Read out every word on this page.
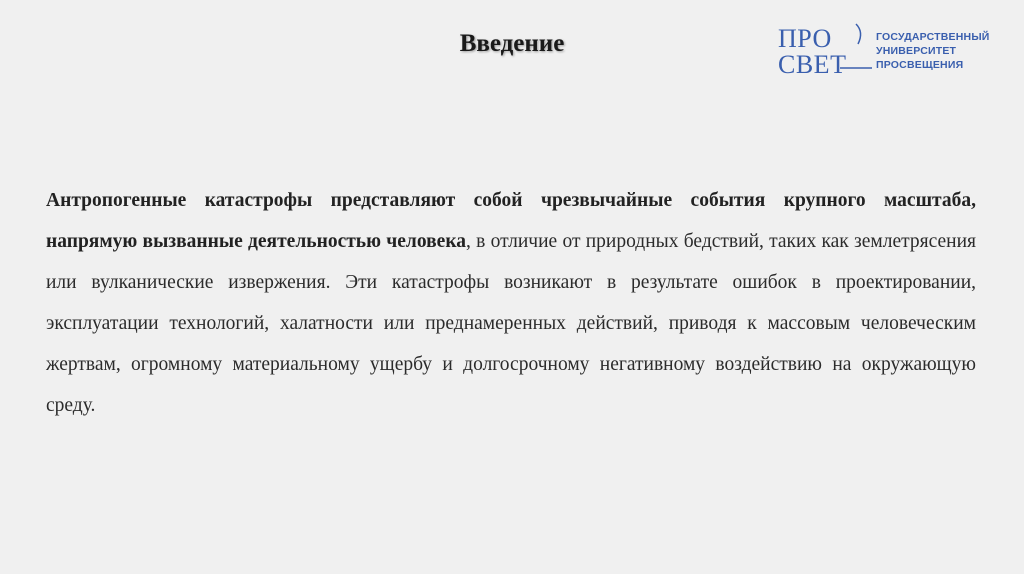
Введение	ПРО
СВЕТ
ГОСУДАРСТВЕННЫЙ
УНИВЕРСИТЕТ
ПРОСВЕЩЕНИЯ

Антропогенные катастрофы представляют собой чрезвычайные события крупного масштаба, напрямую вызванные деятельностью человека, в отличие от природных бедствий, таких как землетрясения или вулканические извержения. Эти катастрофы возникают в результате ошибок в проектировании, эксплуатации технологий, халатности или преднамеренных действий, приводя к массовым человеческим жертвам, огромному материальному ущербу и долгосрочному негативному воздействию на окружающую среду.
